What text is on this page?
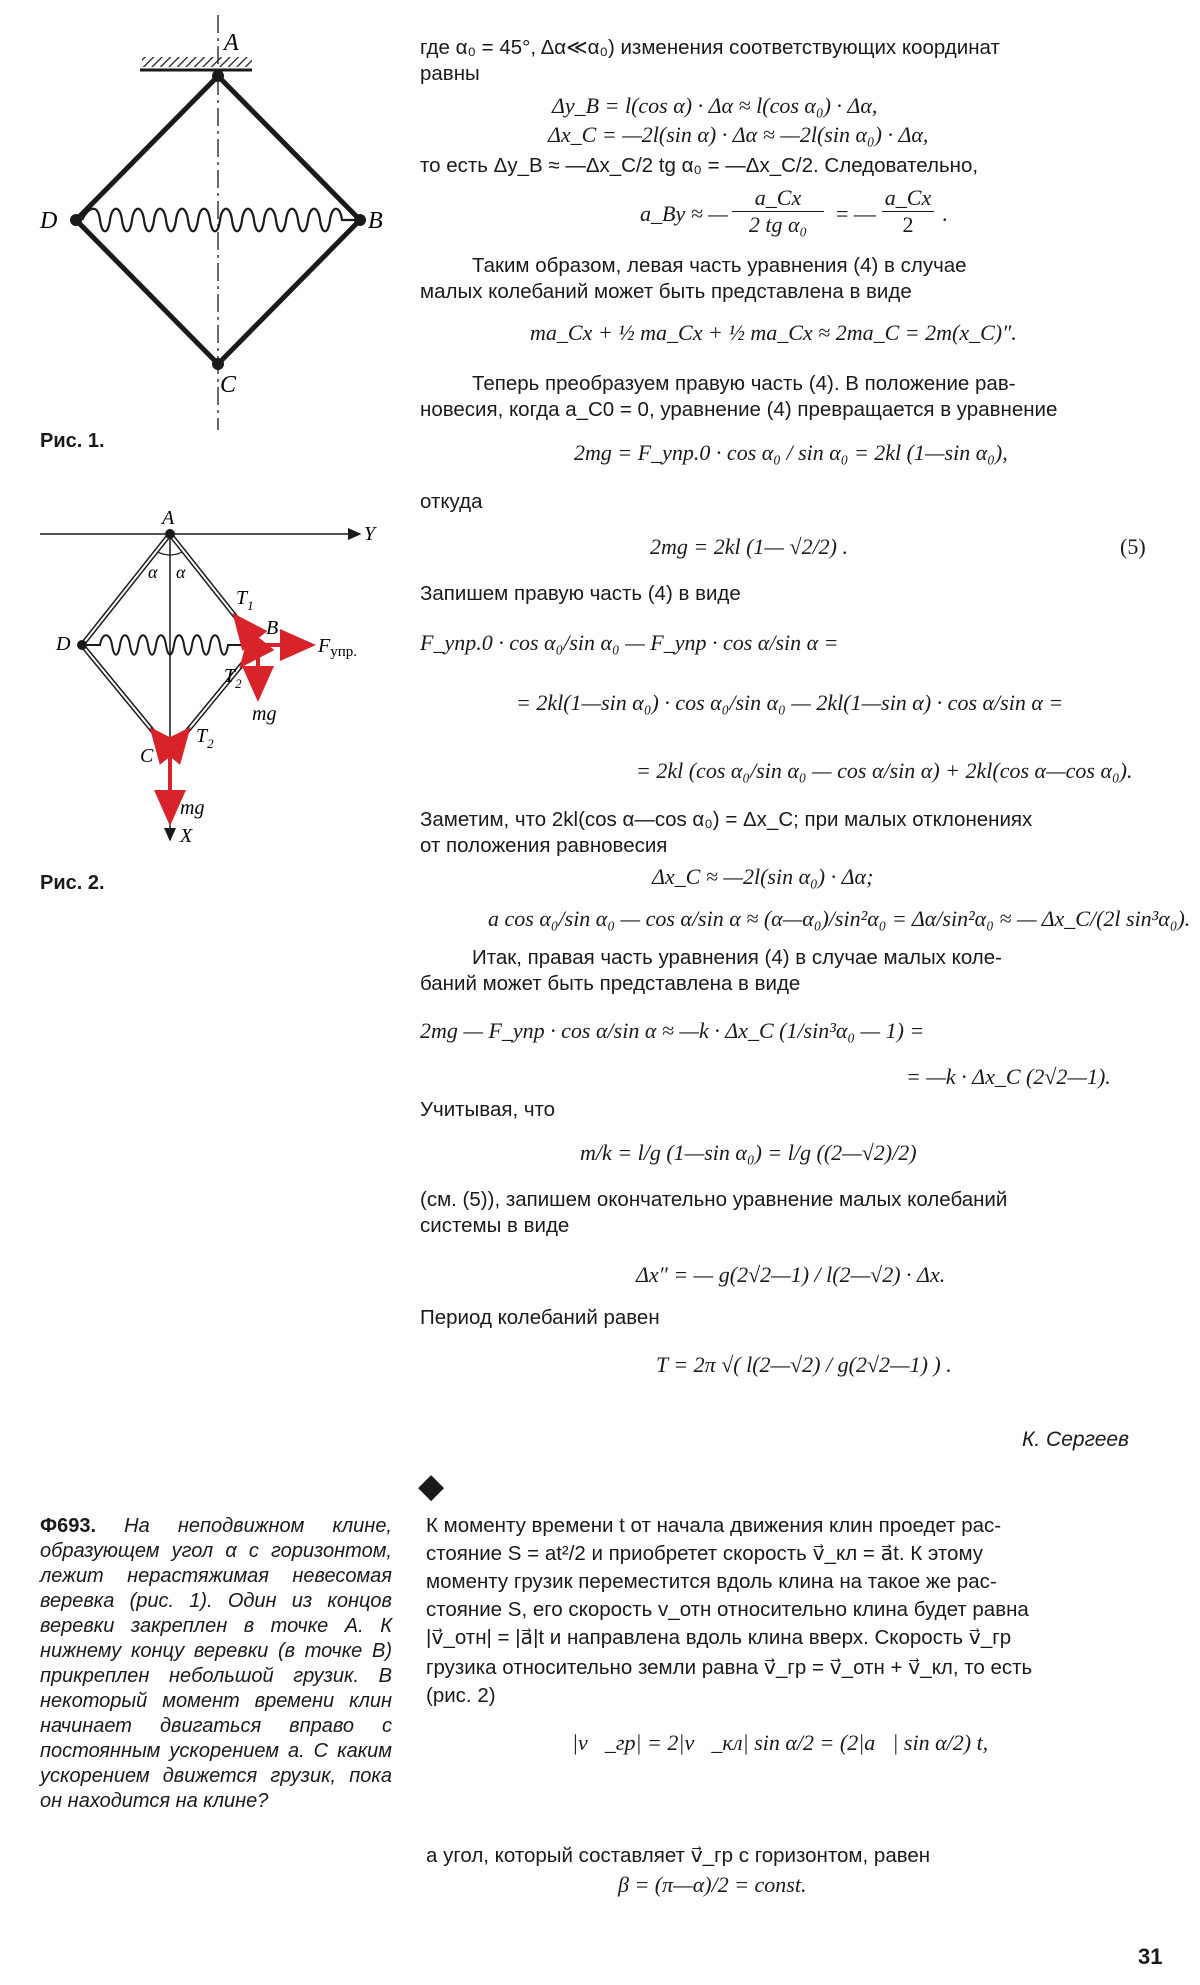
A
B
C
D
Рис. 1.
A
Y
α α
$T_1$
B
$F_{упр.}$
D
$T_2$
mg
$T_2$
C
mg
X
Рис. 2.
где α₀ = 45°, Δα≪α₀) изменения соответствующих координат
равны
Δy_B = l(cos α) · Δα ≈ l(cos α₀) · Δα,
Δx_C = —2l(sin α) · Δα ≈ —2l(sin α₀) · Δα,
то есть Δy_B ≈ —Δx_C/2 tg α₀ = —Δx_C/2. Следовательно,
a_By ≈ —
a_Cx
2 tg α₀	= —
a_Cx
2	.
Таким образом, левая часть уравнения (4) в случае
малых колебаний может быть представлена в виде
ma_Cx + ½ ma_Cx + ½ ma_Cx ≈ 2ma_C = 2m(x_C)″.
Теперь преобразуем правую часть (4). В положение рав-
новесия, когда a_C0 = 0, уравнение (4) превращается в уравнение
2mg = F_упр.0 · cos α₀ / sin α₀ = 2kl (1—sin α₀),
откуда
2mg = 2kl (1— √2/2) .	(5)
Запишем правую часть (4) в виде
F_упр.0 · cos α₀/sin α₀ — F_упр · cos α/sin α =
= 2kl(1—sin α₀) · cos α₀/sin α₀ — 2kl(1—sin α) · cos α/sin α =
= 2kl (cos α₀/sin α₀ — cos α/sin α) + 2kl(cos α—cos α₀).
Заметим, что 2kl(cos α—cos α₀) = Δx_C; при малых отклонениях
от положения равновесия
Δx_C ≈ —2l(sin α₀) · Δα;
а cos α₀/sin α₀ — cos α/sin α ≈ (α—α₀)/sin²α₀ = Δα/sin²α₀ ≈ — Δx_C/(2l sin³α₀).
Итак, правая часть уравнения (4) в случае малых коле-
баний может быть представлена в виде
2mg — F_упр · cos α/sin α ≈ —k · Δx_C (1/sin³α₀ — 1) =
= —k · Δx_C (2√2—1).
Учитывая, что
m/k = l/g (1—sin α₀) = l/g ((2—√2)/2)
(см. (5)), запишем окончательно уравнение малых колебаний
системы в виде
Δx″ = — g(2√2—1) / l(2—√2) · Δx.
Период колебаний равен
T = 2π √( l(2—√2) / g(2√2—1) ) .
К. Сергеев
Ф693. На неподвижном клине, образующем угол α с горизонтом, лежит нерастяжимая невесомая веревка (рис. 1). Один из концов веревки закреплен в точке A. К нижнему концу веревки (в точке B) прикреплен небольшой грузик. В некоторый момент времени клин начинает двигаться вправо с постоянным ускорением a. С каким ускорением движется грузик, пока он находится на клине?
◆
К моменту времени t от начала движения клин проедет рас-
стояние S = at²/2 и приобретет скорость v⃗_кл = a⃗t. К этому
моменту грузик переместится вдоль клина на такое же рас-
стояние S, его скорость v_отн относительно клина будет равна
|v⃗_отн| = |a⃗|t и направлена вдоль клина вверх. Скорость v⃗_гр
грузика относительно земли равна v⃗_гр = v⃗_отн + v⃗_кл, то есть
(рис. 2)
|v⃗_гр| = 2|v⃗_кл| sin α/2 = (2|a⃗| sin α/2) t,
а угол, который составляет v⃗_гр с горизонтом, равен
β = (π—α)/2 = const.
31
